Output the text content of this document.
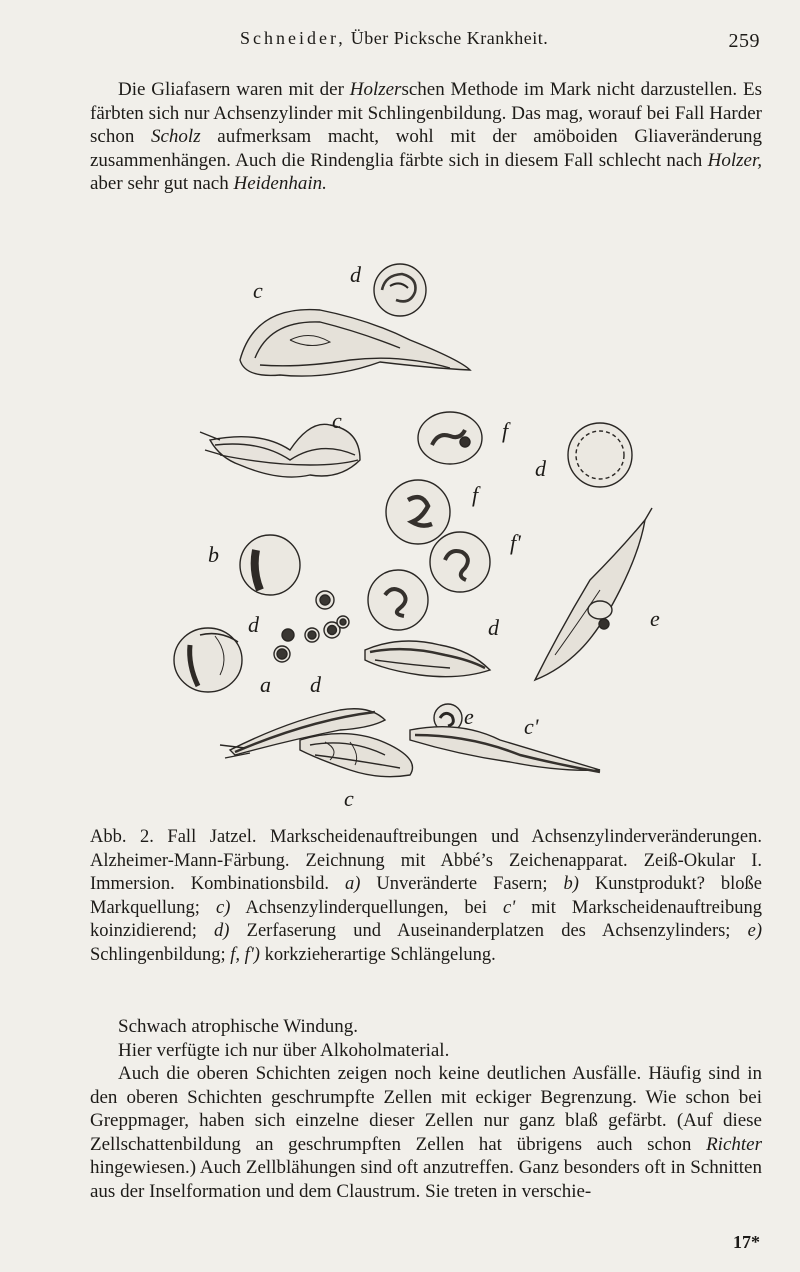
Schneider, Über Picksche Krankheit.	259

Die Gliafasern waren mit der Holzerschen Methode im Mark nicht darzustellen. Es färbten sich nur Achsenzylinder mit Schlingenbildung. Das mag, worauf bei Fall Harder schon Scholz aufmerksam macht, wohl mit der amöboiden Gliaveränderung zusammenhängen. Auch die Rindenglia färbte sich in diesem Fall schlecht nach Holzer, aber sehr gut nach Heidenhain.

c
d
c	f
d
f
f'
b
d	d	e
a d
e c'
c
Abb. 2. Fall Jatzel. Markscheidenauftreibungen und Achsenzylinderveränderungen. Alzheimer-Mann-Färbung. Zeichnung mit Abbé’s Zeichenapparat. Zeiß-Okular I. Immersion. Kombinationsbild. a) Unveränderte Fasern; b) Kunstprodukt? bloße Markquellung; c) Achsenzylinderquellungen, bei c' mit Markscheidenauftreibung koinzidierend; d) Zerfaserung und Auseinanderplatzen des Achsenzylinders; e) Schlingenbildung; f, f') korkzieherartige Schlängelung.

Schwach atrophische Windung.

Hier verfügte ich nur über Alkoholmaterial.

Auch die oberen Schichten zeigen noch keine deutlichen Ausfälle. Häufig sind in den oberen Schichten geschrumpfte Zellen mit eckiger Begrenzung. Wie schon bei Greppmager, haben sich einzelne dieser Zellen nur ganz blaß gefärbt. (Auf diese Zellschattenbildung an geschrumpften Zellen hat übrigens auch schon Richter hingewiesen.) Auch Zellblähungen sind oft anzutreffen. Ganz besonders oft in Schnitten aus der Inselformation und dem Claustrum. Sie treten in verschie-

17*
